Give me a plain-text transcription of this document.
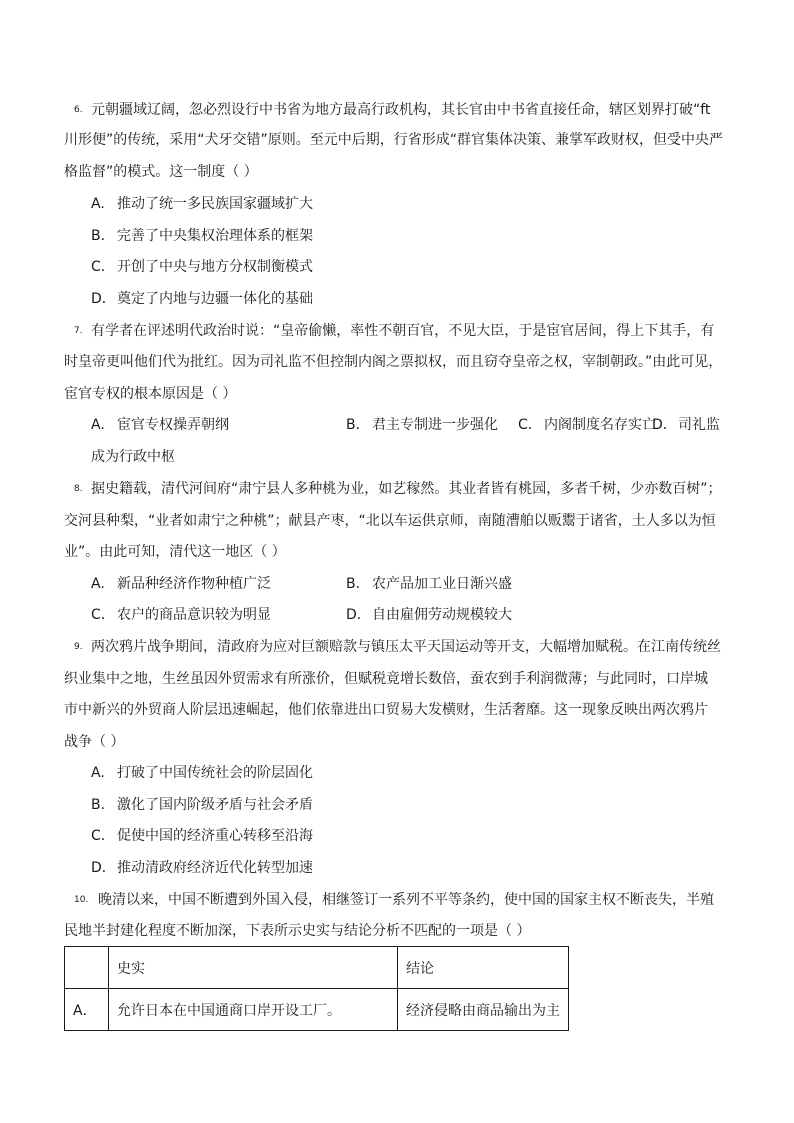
6. 元朝疆域辽阔，忽必烈设行中书省为地方最高行政机构，其长官由中书省直接任命，辖区划界打破“ft
川形便”的传统，采用“犬牙交错”原则。至元中后期，行省形成“群官集体决策、兼掌军政财权，但受中央严
格监督”的模式。这一制度（ ）
A. 推动了统一多民族国家疆域扩大
B． 完善了中央集权治理体系的框架
C． 开创了中央与地方分权制衡模式
D．奠定了内地与边疆一体化的基础
7. 有学者在评述明代政治时说：“皇帝偷懒，率性不朝百官，不见大臣，于是宦官居间，得上下其手，有
时皇帝更叫他们代为批红。因为司礼监不但控制内阁之票拟权，而且窃夺皇帝之权，宰制朝政。”由此可见，
宦官专权的根本原因是（ ）
A. 宦官专权操弄朝纲	B． 君主专制进一步强化 C． 内阁制度名存实亡
D．司礼监
成为行政中枢
8. 据史籍载，清代河间府“肃宁县人多种桃为业，如艺稼然。其业者皆有桃园，多者千树，少亦数百树”；
交河县种梨，“业者如肃宁之种桃”；献县产枣，“北以车运供京师，南随漕舶以贩鬻于诸省，土人多以为恒
业”。由此可知，清代这一地区（ ）
A. 新品种经济作物种植广泛	B． 农产品加工业日渐兴盛
C． 农户的商品意识较为明显	D．自由雇佣劳动规模较大
9. 两次鸦片战争期间，清政府为应对巨额赔款与镇压太平天国运动等开支，大幅增加赋税。在江南传统丝
织业集中之地，生丝虽因外贸需求有所涨价，但赋税竟增长数倍，蚕农到手利润微薄；与此同时，口岸城
市中新兴的外贸商人阶层迅速崛起，他们依靠进出口贸易大发横财，生活奢靡。这一现象反映出两次鸦片
战争（ ）
A. 打破了中国传统社会的阶层固化
B． 激化了国内阶级矛盾与社会矛盾
C． 促使中国的经济重心转移至沿海
D．推动清政府经济近代化转型加速
10. 晚清以来，中国不断遭到外国入侵，相继签订一系列不平等条约，使中国的国家主权不断丧失，半殖
民地半封建化程度不断加深，下表所示史实与结论分析不匹配的一项是（ ）
	史实	结论
A．	允许日本在中国通商口岸开设工厂。	经济侵略由商品输出为主
